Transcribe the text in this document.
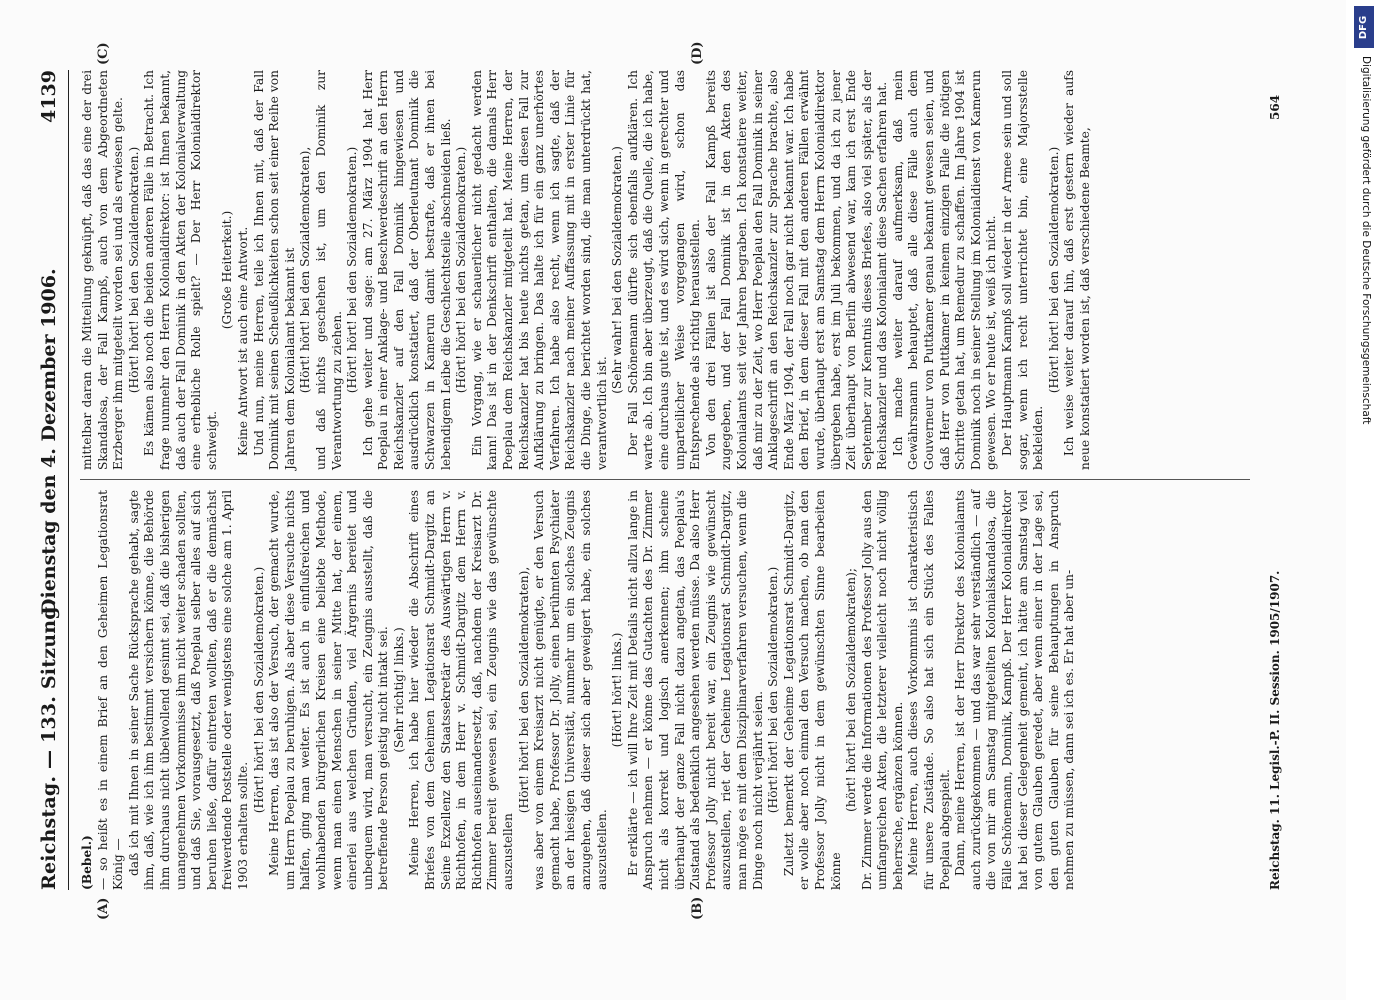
Reichstag. — 133. Sitzung.
Dienstag den 4. Dezember 1906.
4139
(A)	(B)
(C)	(D)

(Bebel.) — so heißt es in einem Brief an den Geheimen Legationsrat König — daß ich mit Ihnen in seiner Sache Rücksprache gehabt, sagte ihm, daß, wie ich ihm bestimmt versichern könne, die Behörde ihm durchaus nicht übelwollend gesinnt sei, daß die bisherigen unangenehmen Vorkommnisse ihm nicht weiter schaden sollten, und daß Sie, vorausgesetzt, daß Poeplau selber alles auf sich beruhen ließe, dafür eintreten wollten, daß er die demnächst freiwerdende Poststelle oder wenigstens eine solche am 1. April 1903 erhalten sollte.

(Hört! hört! bei den Sozialdemokraten.) Meine Herren, das ist also der Versuch, der gemacht wurde, um Herrn Poeplau zu beruhigen. Als aber diese Versuche nichts halfen, ging man weiter. Es ist auch in einflußreichen und wohlhabenden bürgerlichen Kreisen eine beliebte Methode, wenn man einen Menschen in seiner Mitte hat, der einem, einerlei aus welchen Gründen, viel Ärgernis bereitet und unbequem wird, man versucht, ein Zeugnis ausstellt, daß die betreffende Person geistig nicht intakt sei. (Sehr richtig! links.) Meine Herren, ich habe hier wieder die Abschrift eines Briefes von dem Geheimen Legationsrat Schmidt-Dargitz an Seine Exzellenz den Staatssekretär des Auswärtigen Herrn v. Richthofen, in dem Herr v. Schmidt-Dargitz dem Herrn v. Richthofen auseinandersetzt, daß, nachdem der Kreisarzt Dr. Zimmer bereit gewesen sei, ein Zeugnis wie das gewünschte auszustellen

(Hört! hört! bei den Sozialdemokraten), was aber von einem Kreisarzt nicht genügte, er den Versuch gemacht habe, Professor Dr. Jolly, einen berühmten Psychiater an der hiesigen Universität, nunmehr um ein solches Zeugnis anzugehen, daß dieser sich aber geweigert habe, ein solches auszustellen.

(Hört! hört! links.) Er erklärte — ich will Ihre Zeit mit Details nicht allzu lange in Anspruch nehmen — er könne das Gutachten des Dr. Zimmer nicht als korrekt und logisch anerkennen; ihm scheine überhaupt der ganze Fall nicht dazu angetan, das Poeplau's Zustand als bedenklich angesehen werden müsse. Da also Herr Professor Jolly nicht bereit war, ein Zeugnis wie gewünscht auszustellen, riet der Geheime Legationsrat Schmidt-Dargitz, man möge es mit dem Disziplinarverfahren versuchen, wenn die Dinge noch nicht verjährt seien. (Hört! hört! bei den Sozialdemokraten.) Zuletzt bemerkt der Geheime Legationsrat Schmidt-Dargitz, er wolle aber noch einmal den Versuch machen, ob man den Professor Jolly nicht in dem gewünschten Sinne bearbeiten könne

(hört! hört! bei den Sozialdemokraten); Dr. Zimmer werde die Informationen des Professor Jolly aus den umfangreichen Akten, die letzterer vielleicht noch nicht völlig beherrsche, ergänzen können. Meine Herren, auch dieses Vorkommnis ist charakteristisch für unsere Zustände. So also hat sich ein Stück des Falles Poeplau abgespielt. Dann, meine Herren, ist der Herr Direktor des Kolonialamts auch zurückgekommen — und das war sehr verständlich — auf die von mir am Samstag mitgeteilten Kolonialskandalosa, die Fälle Schönemann, Dominik, Kampß. Der Herr Kolonialdirektor hat bei dieser Gelegenheit gemeint, ich hätte am Samstag viel von gutem Glauben geredet, aber wenn einer in der Lage sei, den guten Glauben für seine Behauptungen in Anspruch nehmen zu müssen, dann sei ich es. Er hat aber un-

mittelbar daran die Mitteilung geknüpft, daß das eine der drei Skandalosa, der Fall Kampß, auch von dem Abgeordneten Erzberger ihm mitgeteilt worden sei und als erwiesen gelte. (Hört! hört! bei den Sozialdemokraten.) Es kämen also noch die beiden anderen Fälle in Betracht. Ich frage nunmehr den Herrn Kolonialdirektor: ist Ihnen bekannt, daß auch der Fall Dominik in den Akten der Kolonialverwaltung eine erhebliche Rolle spielt? — Der Herr Kolonialdirektor schweigt.

(Große Heiterkeit.) Keine Antwort ist auch eine Antwort. Und nun, meine Herren, teile ich Ihnen mit, daß der Fall Dominik mit seinen Scheußlichkeiten schon seit einer Reihe von Jahren dem Kolonialamt bekannt ist (Hört! hört! bei den Sozialdemokraten), und daß nichts geschehen ist, um den Dominik zur Verantwortung zu ziehen. (Hört! hört! bei den Sozialdemokraten.) Ich gehe weiter und sage: am 27. März 1904 hat Herr Poeplau in einer Anklage- und Beschwerdeschrift an den Herrn Reichskanzler auf den Fall Dominik hingewiesen und ausdrücklich konstatiert, daß der Oberleutnant Dominik die Schwarzen in Kamerun damit bestrafte, daß er ihnen bei lebendigem Leibe die Geschlechtsteile abschneiden ließ. (Hört! hört! bei den Sozialdemokraten.) Ein Vorgang, wie er schauerlicher nicht gedacht werden kann! Das ist in der Denkschrift enthalten, die damals Herr Poeplau dem Reichskanzler mitgeteilt hat. Meine Herren, der Reichskanzler hat bis heute nichts getan, um diesen Fall zur Aufklärung zu bringen. Das halte ich für ein ganz unerhörtes Verfahren. Ich habe also recht, wenn ich sagte, daß der Reichskanzler nach meiner Auffassung mit in erster Linie für die Dinge, die berichtet worden sind, die man unterdrückt hat, verantwortlich ist.

(Sehr wahr! bei den Sozialdemokraten.) Der Fall Schönemann dürfte sich ebenfalls aufklären. Ich warte ab. Ich bin aber überzeugt, daß die Quelle, die ich habe, eine durchaus gute ist, und es wird sich, wenn in gerechter und unparteilicher Weise vorgegangen wird, schon das Entsprechende als richtig herausstellen. Von den drei Fällen ist also der Fall Kampß bereits zugegeben, und der Fall Dominik ist in den Akten des Kolonialamts seit vier Jahren begraben. Ich konstatiere weiter, daß mir zu der Zeit, wo Herr Poeplau den Fall Dominik in seiner Anklageschrift an den Reichskanzler zur Sprache brachte, also Ende März 1904, der Fall noch gar nicht bekannt war. Ich habe den Brief, in dem dieser Fall mit den anderen Fällen erwähnt wurde, überhaupt erst am Samstag dem Herrn Kolonialdirektor übergeben habe, erst im Juli bekommen, und da ich zu jener Zeit überhaupt von Berlin abwesend war, kam ich erst Ende September zur Kenntnis dieses Briefes, also viel später, als der Reichskanzler und das Kolonialamt diese Sachen erfahren hat. Ich mache weiter darauf aufmerksam, daß mein Gewährsmann behauptet, daß alle diese Fälle auch dem Gouverneur von Puttkamer genau bekannt gewesen seien, und daß Herr von Puttkamer in keinem einzigen Falle die nötigen Schritte getan hat, um Remedur zu schaffen. Im Jahre 1904 ist Dominik noch in seiner Stellung im Kolonialdienst von Kamerun gewesen. Wo er heute ist, weiß ich nicht. Der Hauptmann Kampß soll wieder in der Armee sein und soll sogar, wenn ich recht unterrichtet bin, eine Majorsstelle bekleiden.

(Hört! hört! bei den Sozialdemokraten.) Ich weise weiter darauf hin, daß erst gestern wieder aufs neue konstatiert worden ist, daß verschiedene Beamte,

Reichstag. 11. Legisl.-P. II. Session. 1905/1907.
564
DFG
Digitalisierung gefördert durch die Deutsche Forschungsgemeinschaft
